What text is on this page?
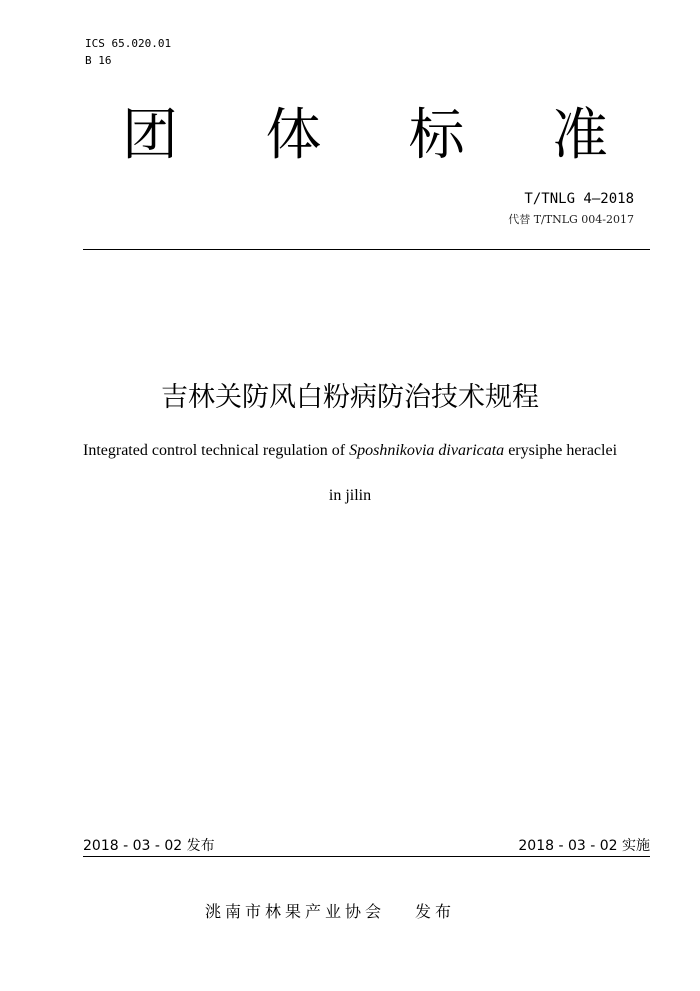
ICS 65.020.01
B 16
团 体 标 准
T/TNLG 4—2018
代替 T/TNLG 004-2017
吉林关防风白粉病防治技术规程
Integrated control technical regulation of Sposhnikovia divaricata erysiphe heraclei
in jilin
2018 - 03 - 02 发布	2018 - 03 - 02 实施
洮南市林果产业协会 发布
